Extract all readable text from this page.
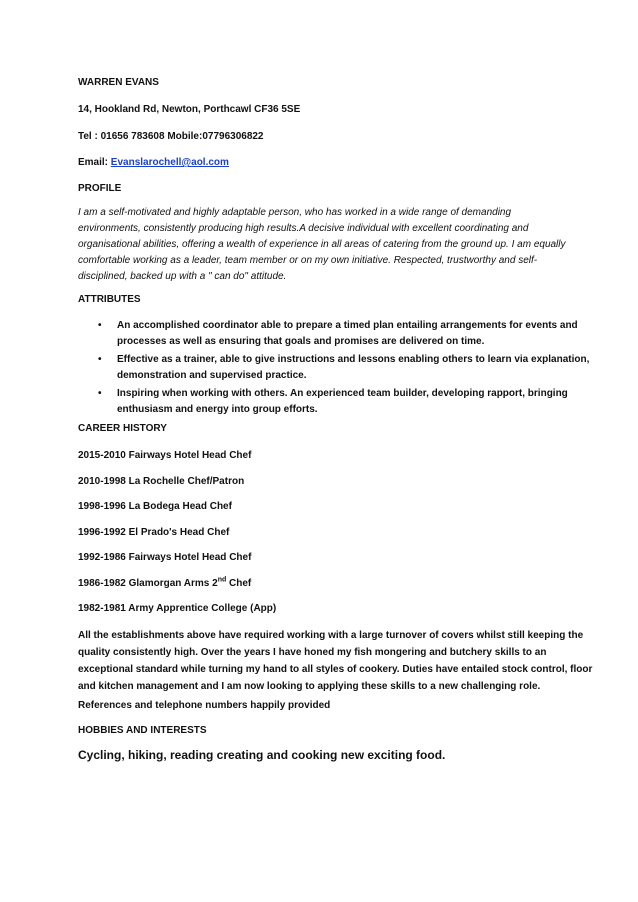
WARREN EVANS
14, Hookland Rd, Newton, Porthcawl CF36 5SE
Tel : 01656 783608 Mobile:07796306822
Email: Evanslarochell@aol.com
PROFILE
I am a self-motivated and highly adaptable person, who has worked in a wide range of demanding
environments, consistently producing high results.A decisive individual with excellent coordinating and
organisational abilities, offering a wealth of experience in all areas of catering from the ground up. I am equally
comfortable working as a leader, team member or on my own initiative. Respected, trustworthy and self-
disciplined, backed up with a " can do" attitude.
ATTRIBUTES
• An accomplished coordinator able to prepare a timed plan entailing arrangements for events and
processes as well as ensuring that goals and promises are delivered on time.
• Effective as a trainer, able to give instructions and lessons enabling others to learn via explanation,
demonstration and supervised practice.
• Inspiring when working with others. An experienced team builder, developing rapport, bringing
enthusiasm and energy into group efforts.
CAREER HISTORY
2015-2010 Fairways Hotel Head Chef
2010-1998 La Rochelle Chef/Patron
1998-1996 La Bodega Head Chef
1996-1992 El Prado's Head Chef
1992-1986 Fairways Hotel Head Chef
1986-1982 Glamorgan Arms 2nd Chef
1982-1981 Army Apprentice College (App)
All the establishments above have required working with a large turnover of covers whilst still keeping the
quality consistently high. Over the years I have honed my fish mongering and butchery skills to an
exceptional standard while turning my hand to all styles of cookery. Duties have entailed stock control, floor
and kitchen management and I am now looking to applying these skills to a new challenging role.
References and telephone numbers happily provided
HOBBIES AND INTERESTS
Cycling, hiking, reading creating and cooking new exciting food.
